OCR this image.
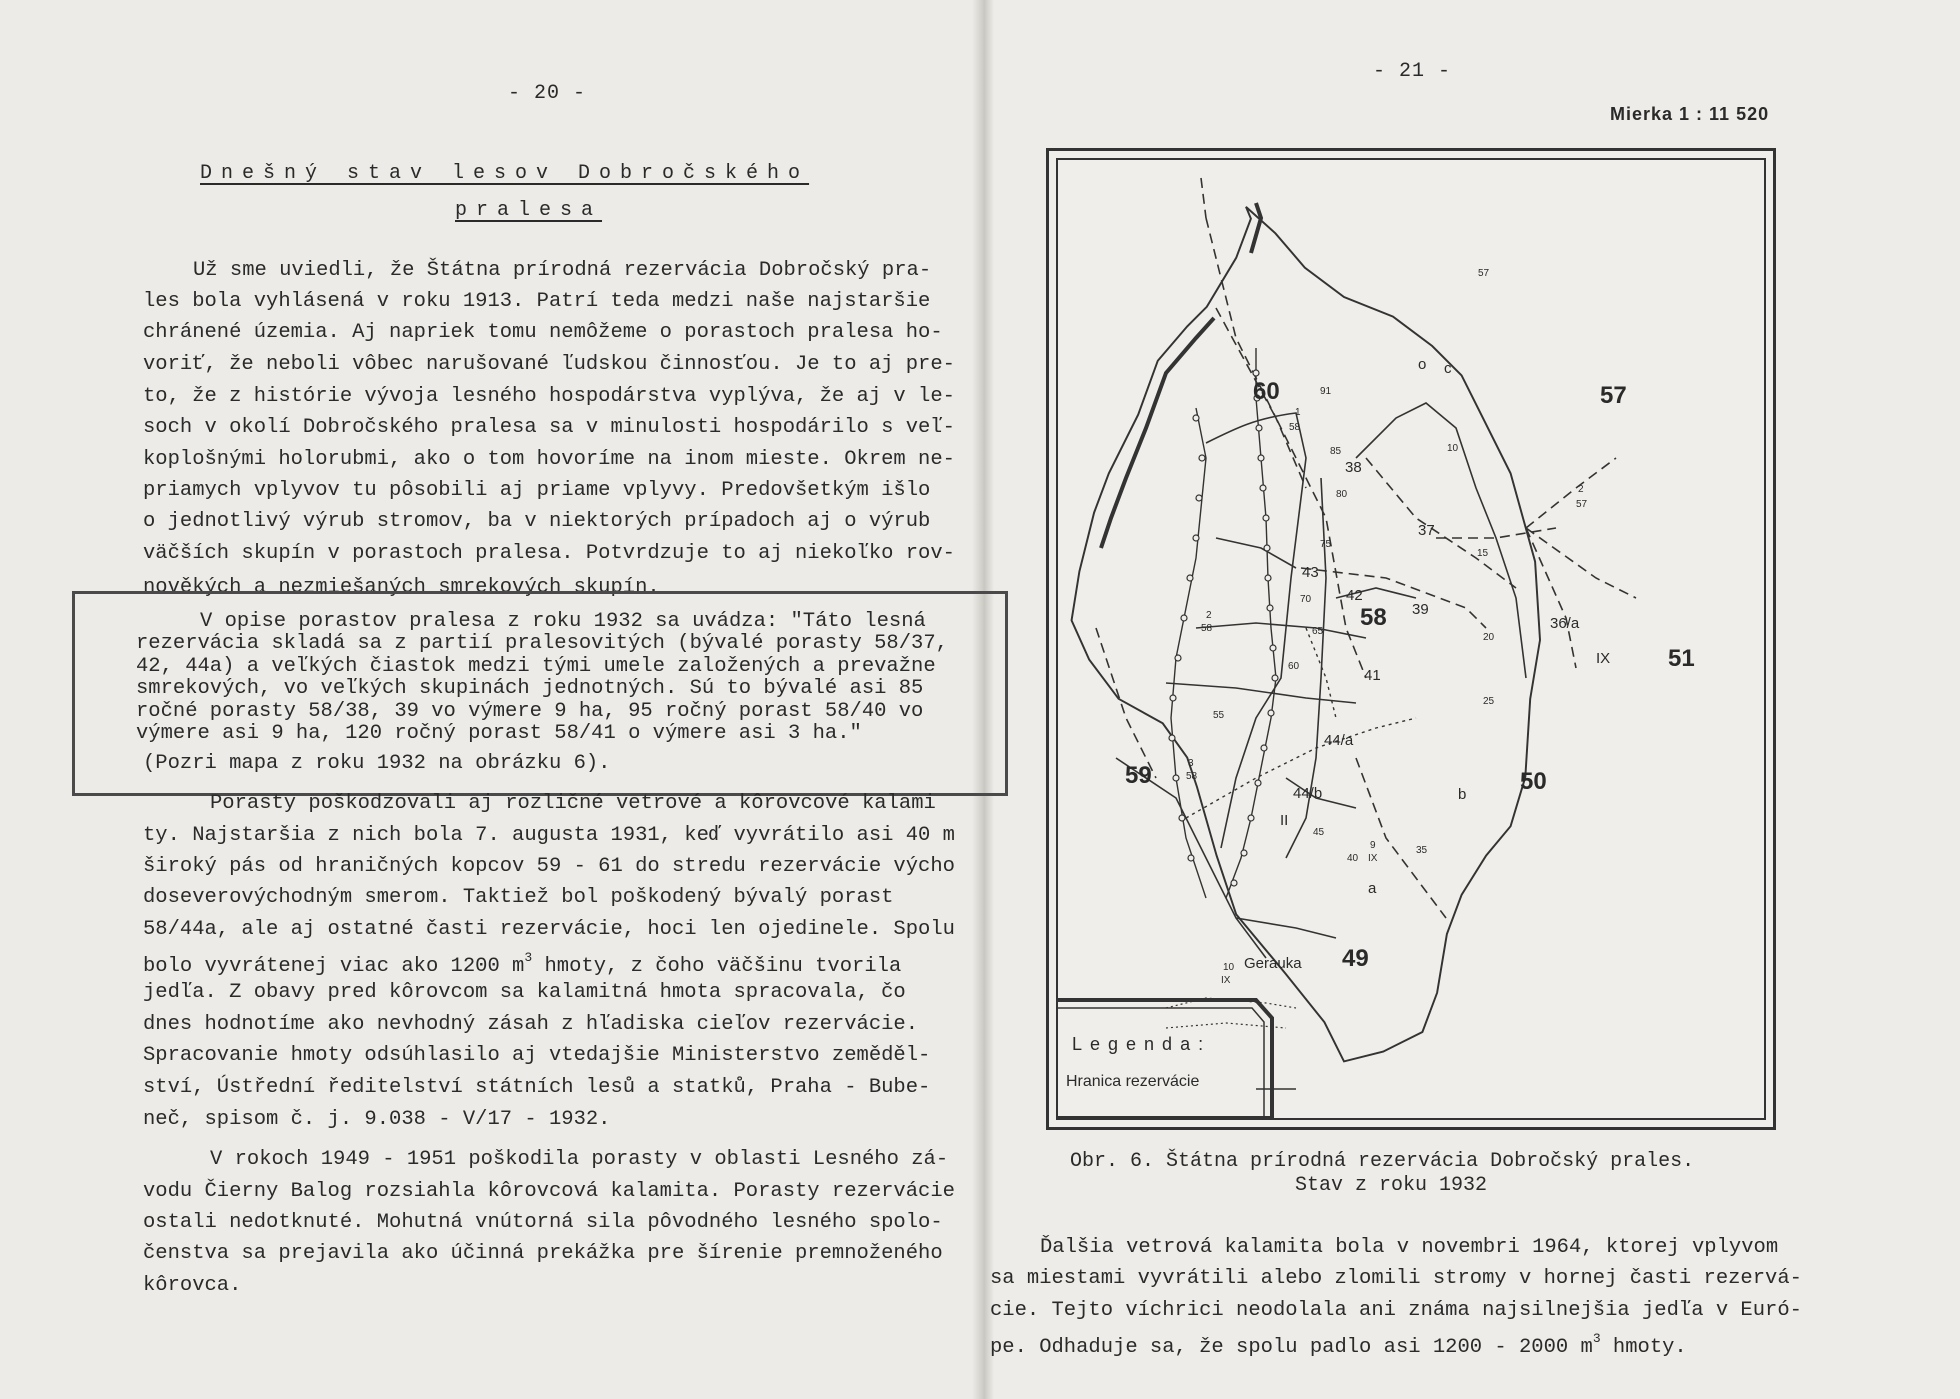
- 20 -
Dnešný stav lesov Dobročského
pralesa
Už sme uviedli, že Štátna prírodná rezervácia Dobročský pra-
les bola vyhlásená v roku 1913. Patrí teda medzi naše najstaršie
chránené územia. Aj napriek tomu nemôžeme o porastoch pralesa ho-
voriť, že neboli vôbec narušované ľudskou činnosťou. Je to aj pre-
to, že z histórie vývoja lesného hospodárstva vyplýva, že aj v le-
soch v okolí Dobročského pralesa sa v minulosti hospodárilo s veľ-
koplošnými holorubmi, ako o tom hovoríme na inom mieste. Okrem ne-
priamych vplyvov tu pôsobili aj priame vplyvy. Predovšetkým išlo
o jednotlivý výrub stromov, ba v niektorých prípadoch aj o výrub
väčších skupín v porastoch pralesa. Potvrdzuje to aj niekoľko rov-
nověkých a nezmiešaných smrekových skupín.
V opise porastov pralesa z roku 1932 sa uvádza: "Táto lesná
rezervácia skladá sa z partií pralesovitých (bývalé porasty 58/37,
42, 44a) a veľkých čiastok medzi tými umele založených a prevažne
smrekových, vo veľkých skupinách jednotných. Sú to bývalé asi 85
ročné porasty 58/38, 39 vo výmere 9 ha, 95 ročný porast 58/40 vo
výmere asi 9 ha, 120 ročný porast 58/41 o výmere asi 3 ha."
(Pozri mapa z roku 1932 na obrázku 6).
Porasty poškodzovali aj rozličné vetrové a kôrovcové kalami
ty. Najstaršia z nich bola 7. augusta 1931, keď vyvrátilo asi 40 m
široký pás od hraničných kopcov 59 - 61 do stredu rezervácie výcho
doseverovýchodným smerom. Taktiež bol poškodený bývalý porast
58/44a, ale aj ostatné časti rezervácie, hoci len ojedinele. Spolu
bolo vyvrátenej viac ako 1200 $m^3$ hmoty, z čoho väčšinu tvorila
jedľa. Z obavy pred kôrovcom sa kalamitná hmota spracovala, čo
dnes hodnotíme ako nevhodný zásah z hľadiska cieľov rezervácie.
Spracovanie hmoty odsúhlasilo aj vtedajšie Ministerstvo zeměděl-
ství, Ústřední ředitelství státních lesů a statků, Praha - Bube-
neč, spisom č. j. 9.038 - V/17 - 1932.
V rokoch 1949 - 1951 poškodila porasty v oblasti Lesného zá-
vodu Čierny Balog rozsiahla kôrovcová kalamita. Porasty rezervácie
ostali nedotknuté. Mohutná vnútorná sila pôvodného lesného spolo-
čenstva sa prejavila ako účinná prekážka pre šírenie premnoženého
kôrovca.
- 21 -
Mierka 1 : 11 520
60	57
58
51
59	50
49
37
43
42
39
41
38
36/a
44/a
44/b
c
o
b
a
IX
II
Gerauka
10
15
20
25
35
40
45
55
60
65
70
75
80
85
91
57
1
58
2
57
2
58
3
58
9
IX
10
IX
Legenda:
Hranica rezervácie
Obr. 6. Štátna prírodná rezervácia Dobročský prales.
Stav z roku 1932
Ďalšia vetrová kalamita bola v novembri 1964, ktorej vplyvom
sa miestami vyvrátili alebo zlomili stromy v hornej časti rezervá-
cie. Tejto víchrici neodolala ani známa najsilnejšia jedľa v Euró-
pe. Odhaduje sa, že spolu padlo asi 1200 - 2000 $m^3$ hmoty.
